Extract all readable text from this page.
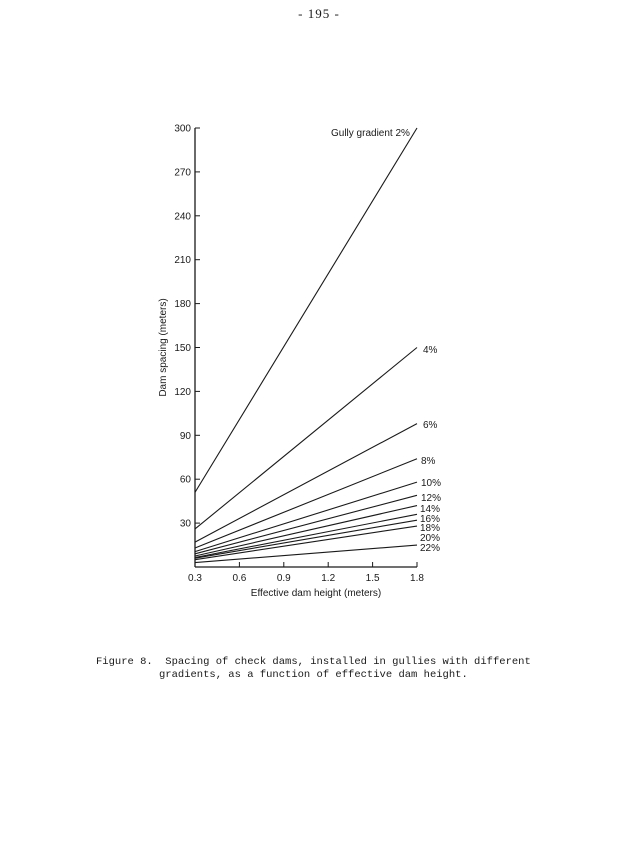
- 195 -
30
60
90
120
150
180
210
240
270
300
0.3	0.6	0.9	1.2	1.5	1.8
Gully gradient 2%
4%
6%
8%
10%
12%
14%
16%
18%
20%
22%
Effective dam height (meters)
Dam spacing (meters)
Figure 8.  Spacing of check dams, installed in gullies with different
gradients, as a function of effective dam height.
